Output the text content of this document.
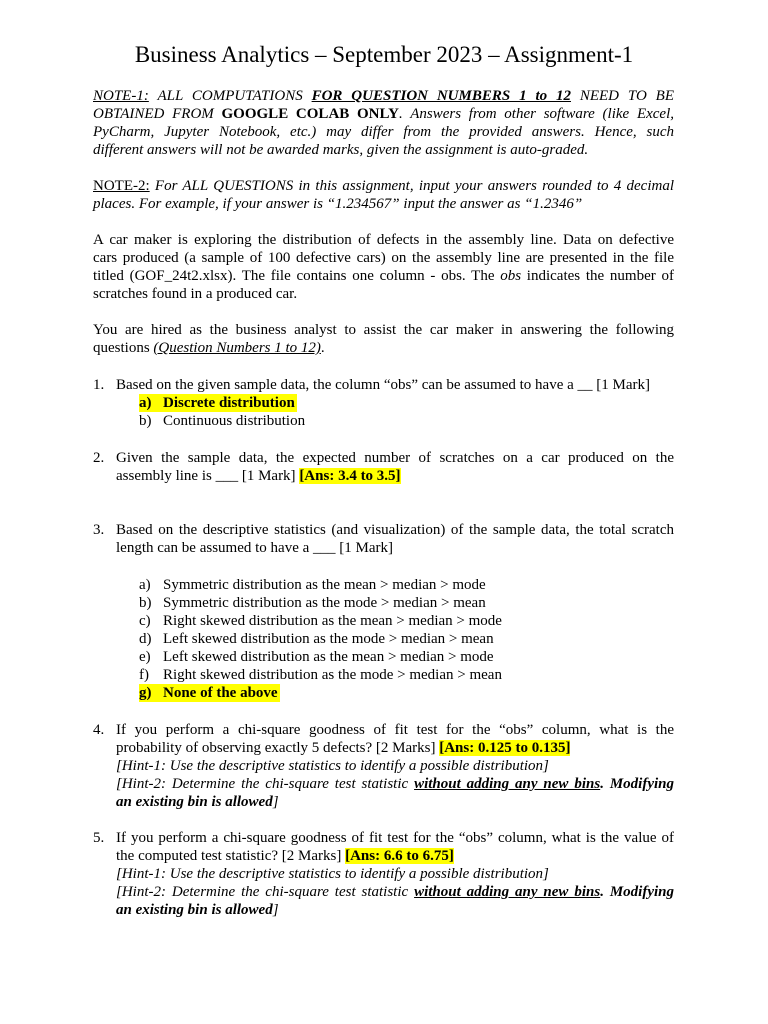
Business Analytics – September 2023 – Assignment-1
NOTE-1: ALL COMPUTATIONS FOR QUESTION NUMBERS 1 to 12 NEED TO BE
OBTAINED FROM GOOGLE COLAB ONLY. Answers from other software (like Excel,
PyCharm, Jupyter Notebook, etc.) may differ from the provided answers. Hence, such
different answers will not be awarded marks, given the assignment is auto-graded.
NOTE-2: For ALL QUESTIONS in this assignment, input your answers rounded to 4 decimal
places. For example, if your answer is “1.234567” input the answer as “1.2346”
A car maker is exploring the distribution of defects in the assembly line. Data on defective
cars produced (a sample of 100 defective cars) on the assembly line are presented in the file
titled (GOF_24t2.xlsx). The file contains one column - obs. The obs indicates the number of
scratches found in a produced car.
You are hired as the business analyst to assist the car maker in answering the following
questions (Question Numbers 1 to 12).
1. Based on the given sample data, the column “obs” can be assumed to have a __ [1 Mark]
a) Discrete distribution
b) Continuous distribution
2. Given the sample data, the expected number of scratches on a car produced on the
assembly line is ___ [1 Mark] [Ans: 3.4 to 3.5]
3. Based on the descriptive statistics (and visualization) of the sample data, the total scratch
length can be assumed to have a ___ [1 Mark]
a) Symmetric distribution as the mean > median > mode
b) Symmetric distribution as the mode > median > mean
c) Right skewed distribution as the mean > median > mode
d) Left skewed distribution as the mode > median > mean
e) Left skewed distribution as the mean > median > mode
f) Right skewed distribution as the mode > median > mean
g) None of the above
4. If you perform a chi-square goodness of fit test for the “obs” column, what is the
probability of observing exactly 5 defects? [2 Marks] [Ans: 0.125 to 0.135]
[Hint-1: Use the descriptive statistics to identify a possible distribution]
[Hint-2: Determine the chi-square test statistic without adding any new bins. Modifying
an existing bin is allowed]
5. If you perform a chi-square goodness of fit test for the “obs” column, what is the value of
the computed test statistic? [2 Marks] [Ans: 6.6 to 6.75]
[Hint-1: Use the descriptive statistics to identify a possible distribution]
[Hint-2: Determine the chi-square test statistic without adding any new bins. Modifying
an existing bin is allowed]
